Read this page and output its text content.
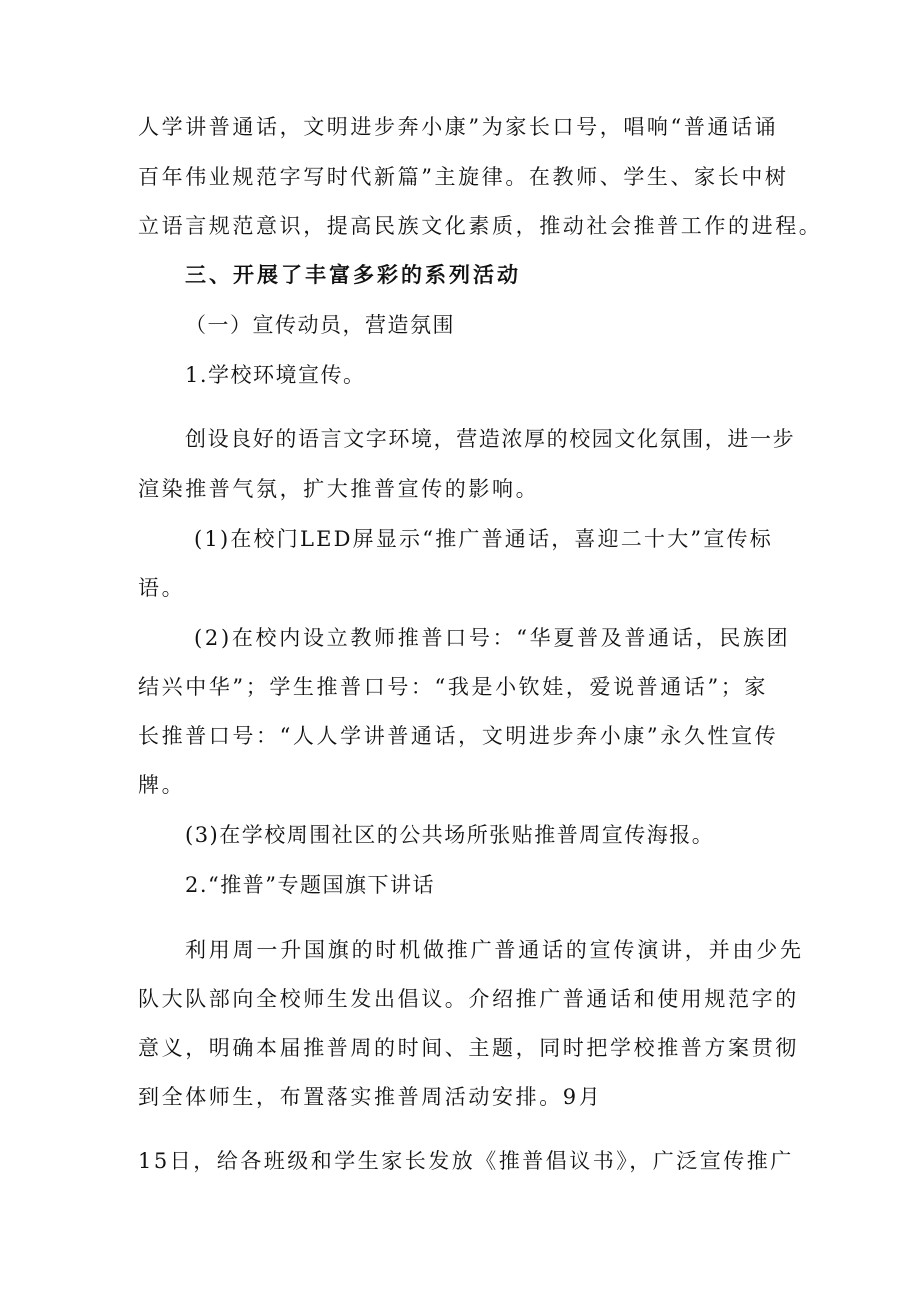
人学讲普通话，文明进步奔小康”为家长口号，唱响“普通话诵
百年伟业规范字写时代新篇”主旋律。在教师、学生、家长中树
立语言规范意识，提高民族文化素质，推动社会推普工作的进程。
三、开展了丰富多彩的系列活动
（一）宣传动员，营造氛围
1.学校环境宣传。
创设良好的语言文字环境，营造浓厚的校园文化氛围，进一步
渲染推普气氛，扩大推普宣传的影响。
(1)在校门LED屏显示“推广普通话，喜迎二十大”宣传标
语。
(2)在校内设立教师推普口号：“华夏普及普通话，民族团
结兴中华”；学生推普口号：“我是小钦娃，爱说普通话”；家
长推普口号：“人人学讲普通话，文明进步奔小康”永久性宣传
牌。
(3)在学校周围社区的公共场所张贴推普周宣传海报。
2.“推普”专题国旗下讲话
利用周一升国旗的时机做推广普通话的宣传演讲，并由少先
队大队部向全校师生发出倡议。介绍推广普通话和使用规范字的
意义，明确本届推普周的时间、主题，同时把学校推普方案贯彻
到全体师生，布置落实推普周活动安排。9月
15日，给各班级和学生家长发放《推普倡议书》，广泛宣传推广
